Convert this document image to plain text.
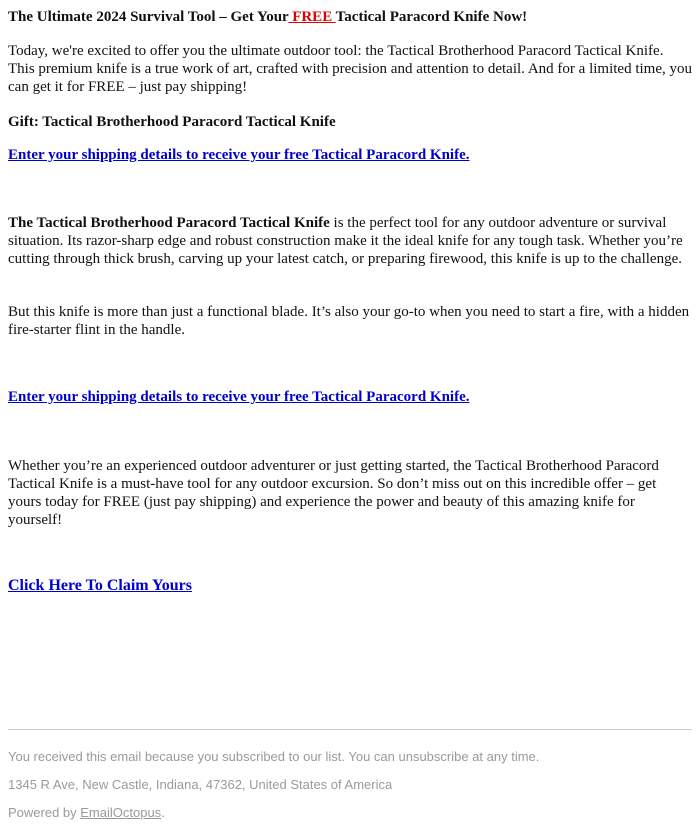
The Ultimate 2024 Survival Tool – Get Your FREE Tactical Paracord Knife Now!

Today, we're excited to offer you the ultimate outdoor tool: the Tactical Brotherhood Paracord Tactical Knife. This premium knife is a true work of art, crafted with precision and attention to detail. And for a limited time, you can get it for FREE – just pay shipping!

Gift: Tactical Brotherhood Paracord Tactical Knife

Enter your shipping details to receive your free Tactical Paracord Knife.

The Tactical Brotherhood Paracord Tactical Knife is the perfect tool for any outdoor adventure or survival situation. Its razor-sharp edge and robust construction make it the ideal knife for any tough task. Whether you’re cutting through thick brush, carving up your latest catch, or preparing firewood, this knife is up to the challenge.

But this knife is more than just a functional blade. It’s also your go-to when you need to start a fire, with a hidden fire-starter flint in the handle.

Enter your shipping details to receive your free Tactical Paracord Knife.

Whether you’re an experienced outdoor adventurer or just getting started, the Tactical Brotherhood Paracord Tactical Knife is a must-have tool for any outdoor excursion. So don’t miss out on this incredible offer – get yours today for FREE (just pay shipping) and experience the power and beauty of this amazing knife for yourself!

Click Here To Claim Yours

You received this email because you subscribed to our list. You can unsubscribe at any time.
1345 R Ave, New Castle, Indiana, 47362, United States of America
Powered by EmailOctopus.
